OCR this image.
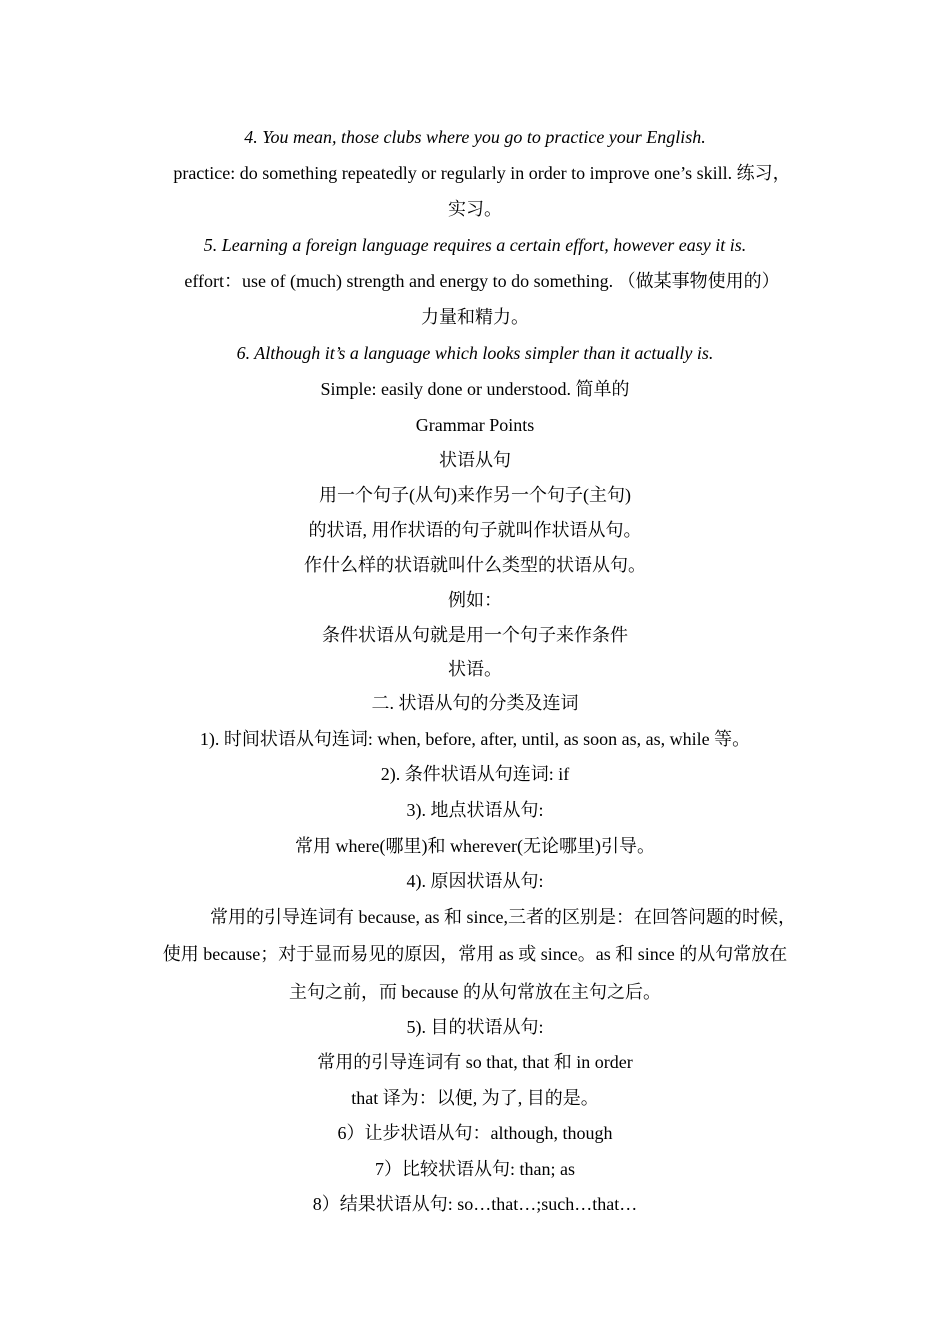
4. You mean, those clubs where you go to practice your English.
practice: do something repeatedly or regularly in order to improve one’s skill. 练习，
实习。
5. Learning a foreign language requires a certain effort, however easy it is.
effort：use of (much) strength and energy to do something. （做某事物使用的）
力量和精力。
6. Although it’s a language which looks simpler than it actually is.
Simple: easily done or understood. 简单的
Grammar Points
状语从句
用一个句子(从句)来作另一个句子(主句)
的状语, 用作状语的句子就叫作状语从句。
作什么样的状语就叫什么类型的状语从句。
例如：
条件状语从句就是用一个句子来作条件
状语。
二. 状语从句的分类及连词
1). 时间状语从句连词: when, before, after, until, as soon as, as, while 等。
2). 条件状语从句连词: if
3). 地点状语从句:
常用 where(哪里)和 wherever(无论哪里)引导。
4). 原因状语从句:
常用的引导连词有 because, as 和 since,三者的区别是：在回答问题的时候，
使用 because；对于显而易见的原因，常用 as 或 since。as 和 since 的从句常放在
主句之前，而 because 的从句常放在主句之后。
5). 目的状语从句:
常用的引导连词有 so that, that 和 in order
that 译为：以便, 为了, 目的是。
6）让步状语从句：although, though
7）比较状语从句: than; as
8）结果状语从句: so…that…;such…that…
